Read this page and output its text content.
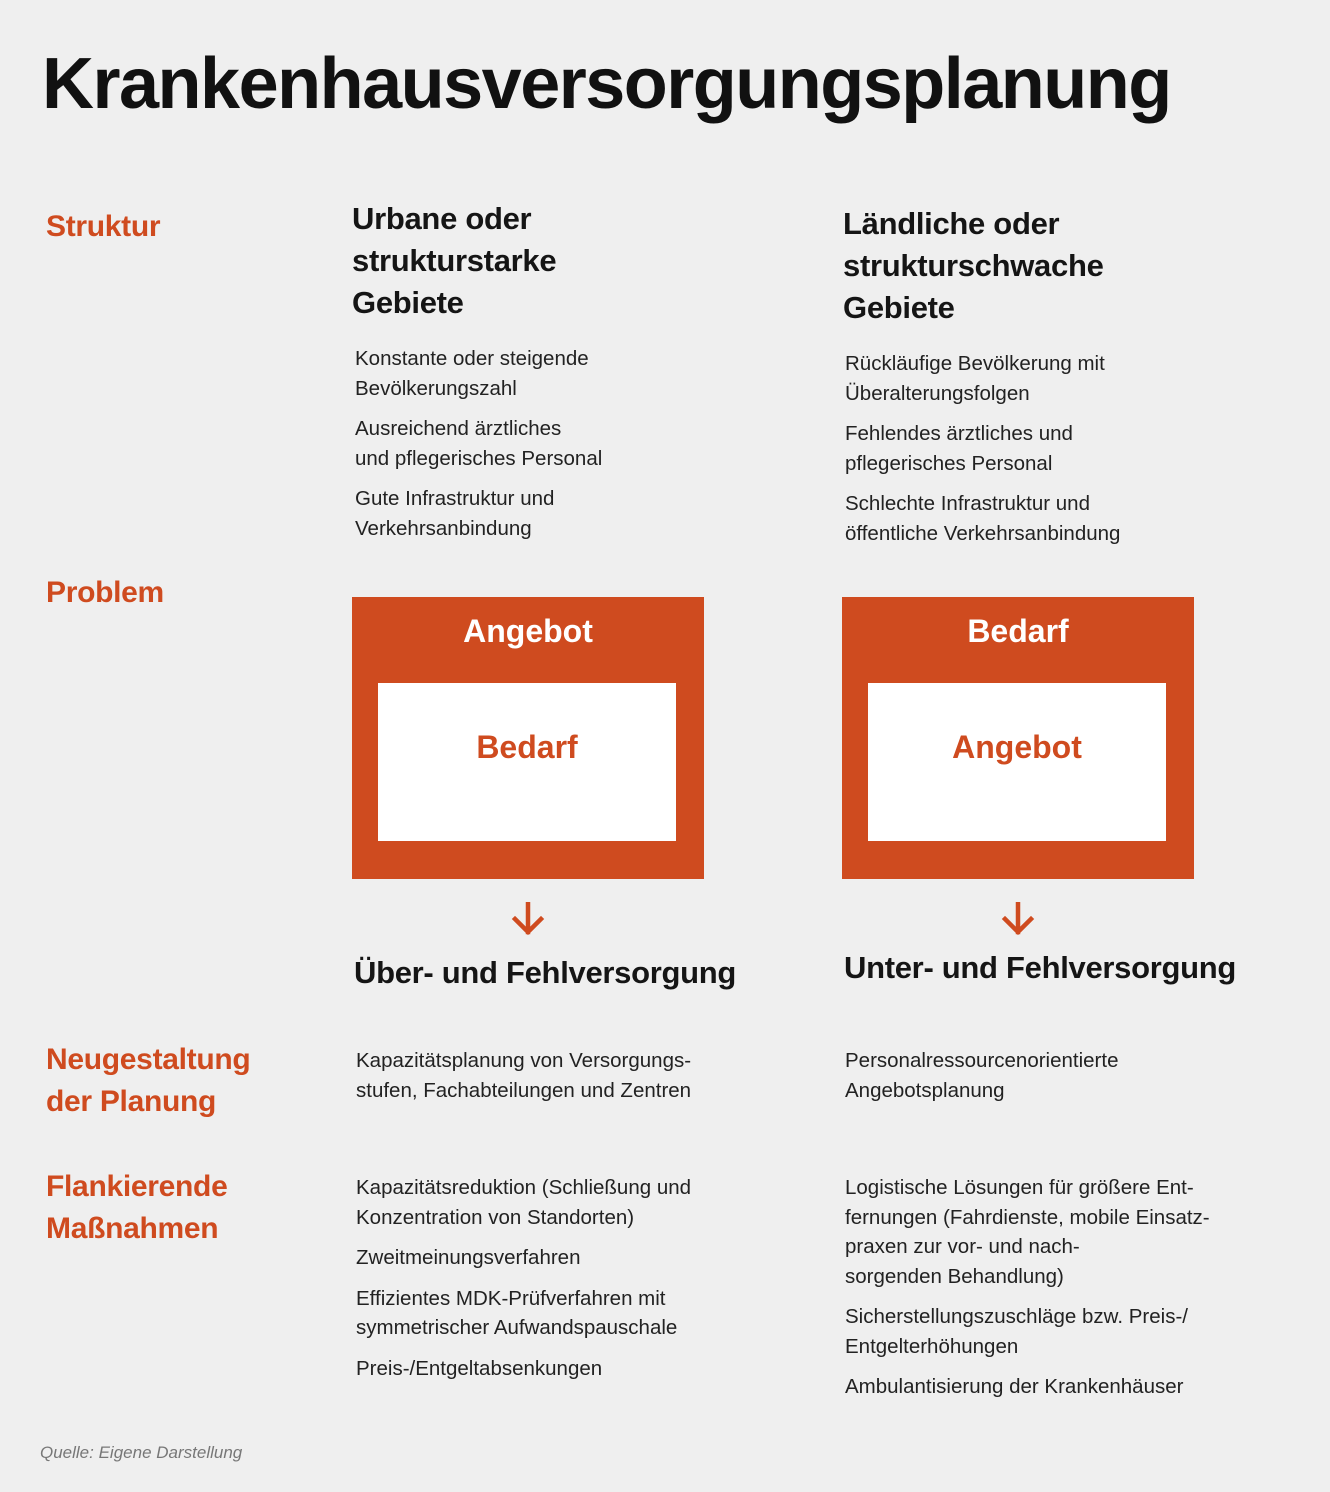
Krankenhausversorgungsplanung
Struktur
Problem
Neugestaltung
der Planung
Flankierende
Maßnahmen
Urbane oder
strukturstarke
Gebiete
Konstante oder steigende
Bevölkerungszahl
Ausreichend ärztliches
und pflegerisches Personal
Gute Infrastruktur und
Verkehrsanbindung
Angebot
Bedarf
Über- und Fehlversorgung
Kapazitätsplanung von Versorgungs-
stufen, Fachabteilungen und Zentren
Kapazitätsreduktion (Schließung und
Konzentration von Standorten)
Zweitmeinungsverfahren
Effizientes MDK-Prüfverfahren mit
symmetrischer Aufwandspauschale
Preis-/Entgeltabsenkungen
Ländliche oder
strukturschwache
Gebiete
Rückläufige Bevölkerung mit
Überalterungsfolgen
Fehlendes ärztliches und
pflegerisches Personal
Schlechte Infrastruktur und
öffentliche Verkehrsanbindung
Bedarf
Angebot
Unter- und Fehlversorgung
Personalressourcenorientierte
Angebotsplanung
Logistische Lösungen für größere Ent-
fernungen (Fahrdienste, mobile Einsatz-
praxen zur vor- und nach-
sorgenden Behandlung)
Sicherstellungszuschläge bzw. Preis-/
Entgelterhöhungen
Ambulantisierung der Krankenhäuser
Quelle: Eigene Darstellung
